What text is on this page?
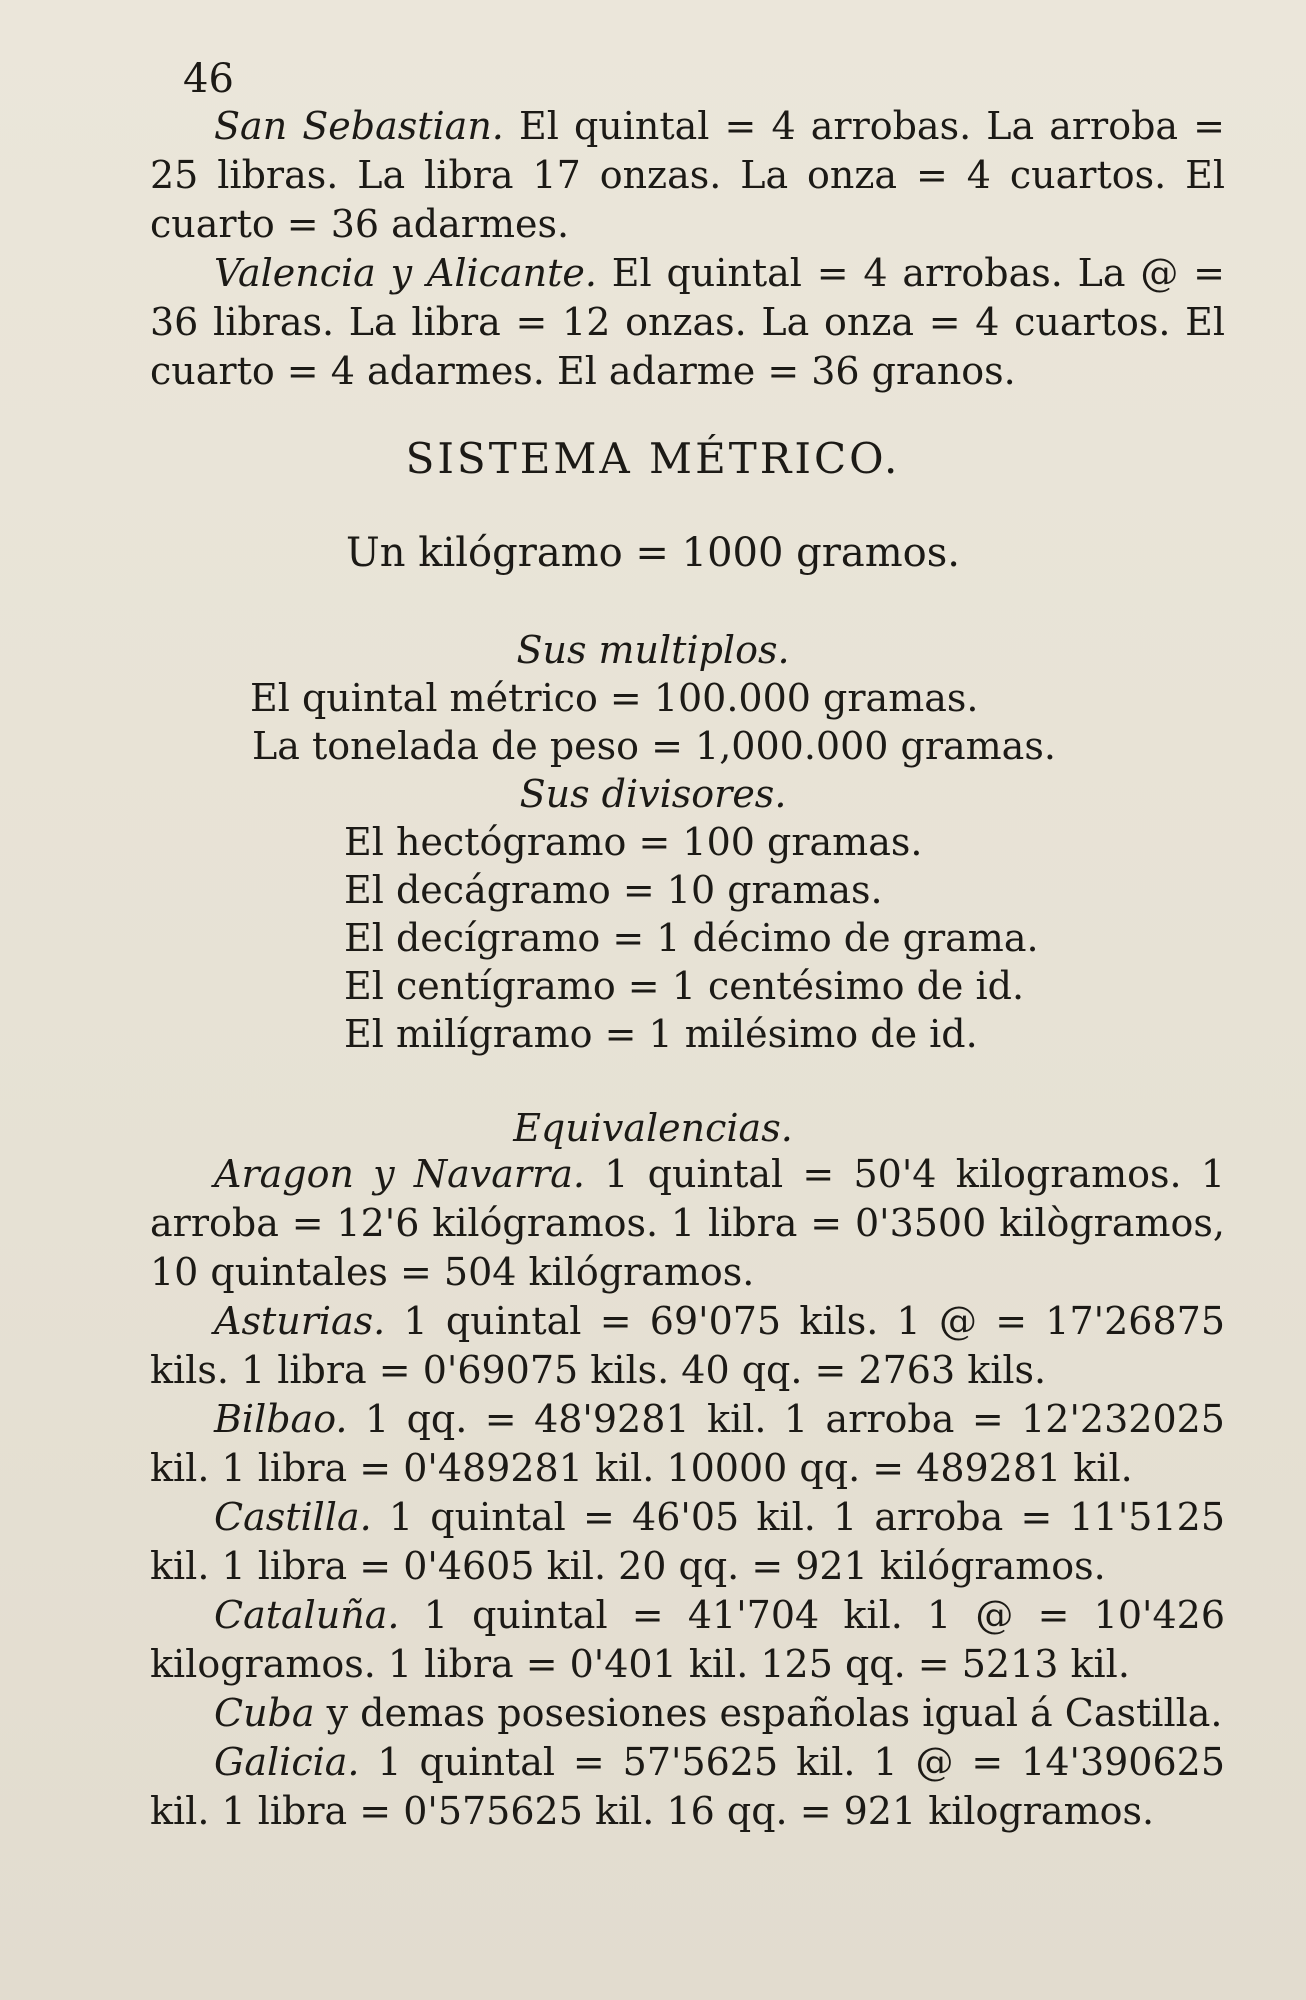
46

San Sebastian. El quintal = 4 arrobas. La arroba = 25 libras. La libra 17 onzas. La onza = 4 cuartos. El cuarto = 36 adarmes.

Valencia y Alicante. El quintal = 4 arrobas. La @ = 36 libras. La libra = 12 onzas. La onza = 4 cuartos. El cuarto = 4 adarmes. El adarme = 36 granos.

SISTEMA MÉTRICO.
Un kilógramo = 1000 gramos.
Sus multiplos.
El quintal métrico = 100.000 gramas.
La tonelada de peso = 1,000.000 gramas.
Sus divisores.
El hectógramo = 100 gramas.
El decágramo = 10 gramas.
El decígramo = 1 décimo de grama.
El centígramo = 1 centésimo de id.
El milígramo = 1 milésimo de id.
Equivalencias.

Aragon y Navarra. 1 quintal = 50'4 kilogramos. 1 arroba = 12'6 kilógramos. 1 libra = 0'3500 kilògramos, 10 quintales = 504 kilógramos.

Asturias. 1 quintal = 69'075 kils. 1 @ = 17'26875 kils. 1 libra = 0'69075 kils. 40 qq. = 2763 kils.

Bilbao. 1 qq. = 48'9281 kil. 1 arroba = 12'232025 kil. 1 libra = 0'489281 kil. 10000 qq. = 489281 kil.

Castilla. 1 quintal = 46'05 kil. 1 arroba = 11'5125 kil. 1 libra = 0'4605 kil. 20 qq. = 921 kilógramos.

Cataluña. 1 quintal = 41'704 kil. 1 @ = 10'426 kilogramos. 1 libra = 0'401 kil. 125 qq. = 5213 kil.

Cuba y demas posesiones españolas igual á Castilla.

Galicia. 1 quintal = 57'5625 kil. 1 @ = 14'390625 kil. 1 libra = 0'575625 kil. 16 qq. = 921 kilogramos.
